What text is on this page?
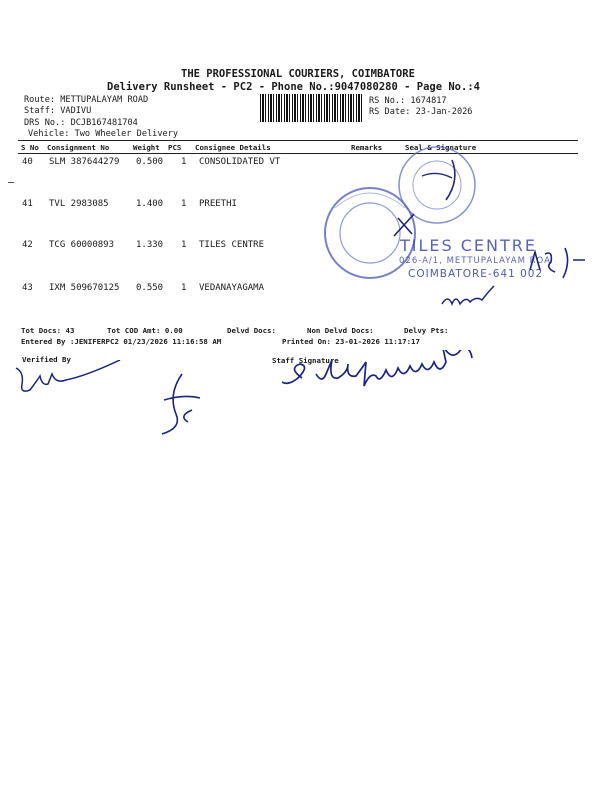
THE PROFESSIONAL COURIERS, COIMBATORE
Delivery Runsheet - PC2 - Phone No.:9047080280 - Page No.:4
Route: METTUPALAYAM ROAD
Staff: VADIVU
DRS No.: DCJB167481704
Vehicle: Two Wheeler Delivery
RS No.: 1674817
RS Date: 23-Jan-2026
S No Consignment No	Weight PCS Consignee Details	Remarks	Seal & Signature
40 SLM 387644279 0.500 1 CONSOLIDATED VT
41 TVL 2983085	1.400 1 PREETHI
42 TCG 60000893 1.330 1 TILES CENTRE
43 IXM 509670125 0.550 1 VEDANAYAGAMA
Tot Docs: 43	Tot COD Amt: 0.00	Delvd Docs:	Non Delvd Docs:	Delvy Pts:
Entered By :JENIFERPC2 01/23/2026 11:16:58 AM	Printed On: 23-01-2026 11:17:17
Verified By	Staff Signature
TILES CENTRE
026-A/1, METTUPALAYAM ROA
COIMBATORE-641 002
